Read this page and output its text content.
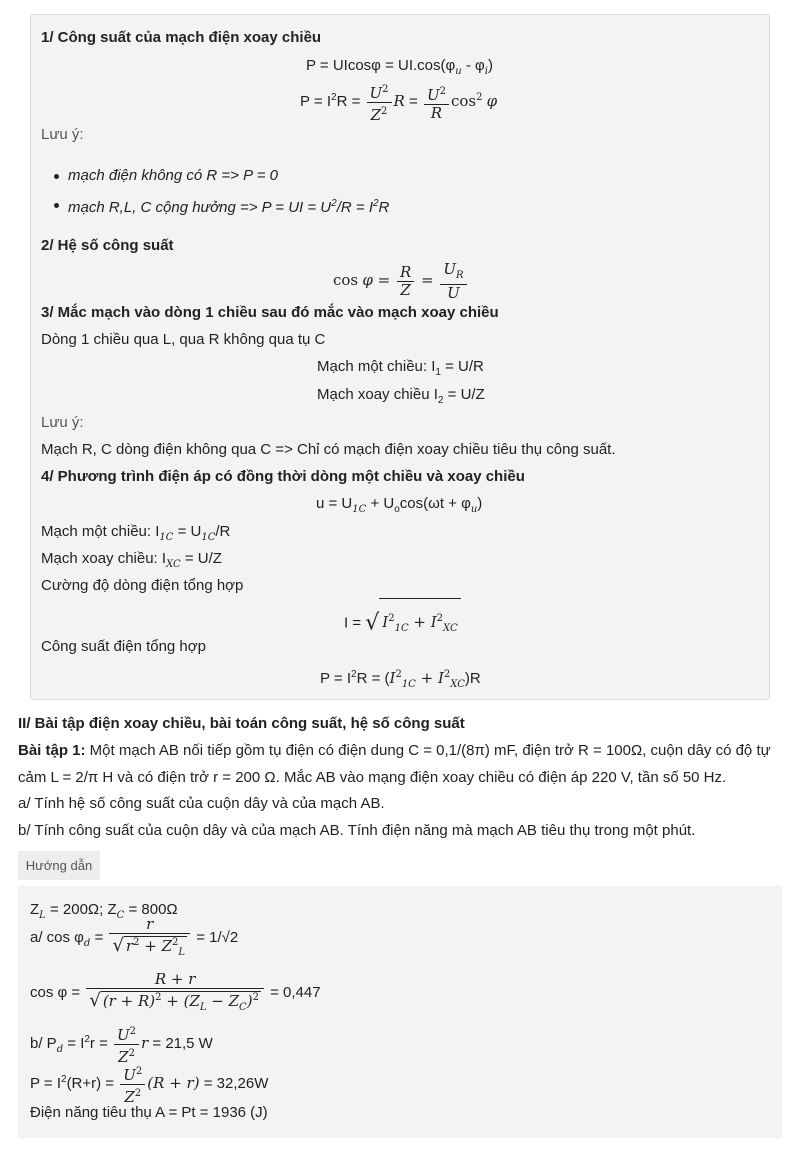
1/ Công suất của mạch điện xoay chiều
$P = UIcos\varphi = UI.\cos(\varphi_u - \varphi_i)$
$P = I^2R = \frac{U^2}{Z^2}$ $R = \frac{U^2}{R} \cos^2 \varphi$
Lưu ý:
mạch điện không có R => P = 0
mạch R,L, C cộng hưởng => P = UI = $U^2/R = I^2R$
2/ Hệ số công suất
$\cos \varphi = \frac{R}{Z} = \frac{U_R}{U}$
3/ Mắc mạch vào dòng 1 chiều sau đó mắc vào mạch xoay chiều
Dòng 1 chiều qua L, qua R không qua tụ C
Mạch một chiều: $I_1 = U/R$
Mạch xoay chiều $I_2 = U/Z$
Lưu ý:
Mạch R, C dòng điện không qua C => Chỉ có mạch điện xoay chiều tiêu thụ công suất.
4/ Phương trình điện áp có đồng thời dòng một chiều và xoay chiều
$u = U_{1C} + U_o\cos(\omega t + \varphi_u)$
Mạch một chiều: $I_{1C} = U_{1C}/R$
Mạch xoay chiều: $I_{XC} = U/Z$
Cường độ dòng điện tổng hợp
I = √ $I^2_{1C} + I^2_{XC}$
Công suất điện tổng hợp
$P = I^2R = (I^2_{1C} + I^2_{XC})R$
II/ Bài tập điện xoay chiều, bài toán công suất, hệ số công suất
Bài tập 1: Một mạch AB nối tiếp gồm tụ điện có điện dung C = 0,1/(8π) mF, điện trở R = 100Ω, cuộn dây có độ tự
cảm L = 2/π H và có điện trở r = 200 Ω. Mắc AB vào mạng điện xoay chiều có điện áp 220 V, tần số 50 Hz.
a/ Tính hệ số công suất của cuộn dây và của mạch AB.
b/ Tính công suất của cuộn dây và của mạch AB. Tính điện năng mà mạch AB tiêu thụ trong một phút.
Hướng dẫn
$Z_L = 200\Omega$; $Z_C = 800\Omega$
a/ $\cos \varphi_d = \frac{r}{√ r^2 + Z^2_L} = 1/√2$
$\cos \varphi = \frac{R + r}{√ (r + R)^2 + (Z_L - Z_C)^2} = 0,447$
b/ $P_d = I^2r = \frac{U^2}{Z^2}$ r = 21,5 W
$P = I^2(R+r) = \frac{U^2}{Z^2} (R + r) = 32,26W$
Điện năng tiêu thụ A = Pt = 1936 (J)
